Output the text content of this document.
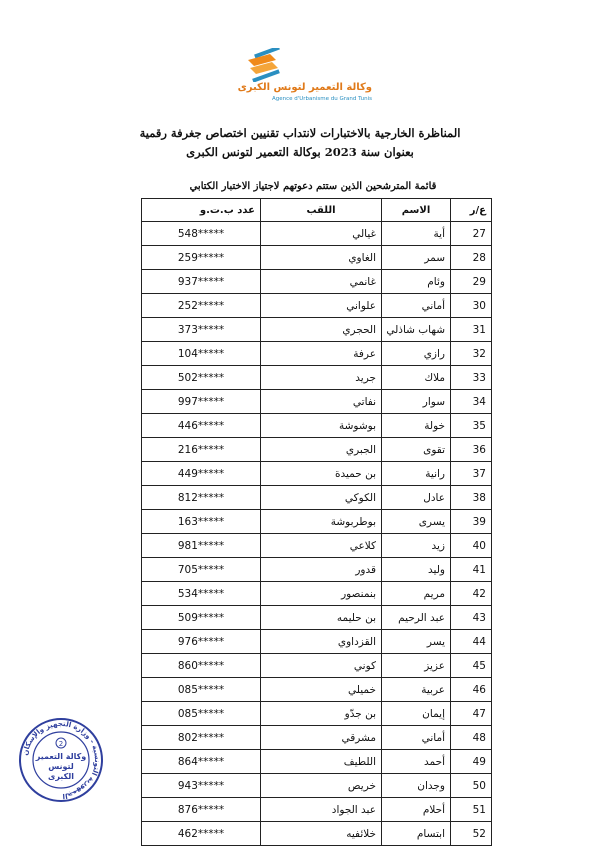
وكالة التعمير لتونس الكبرى
Agence d'Urbanisme du Grand Tunis
المناظرة الخارجية بالاختبارات لانتداب تقنيين اختصاص جغرفة رقمية
بعنوان سنة 2023 بوكالة التعمير لتونس الكبرى
قائمة المترشحين الذين ستتم دعوتهم لاجتياز الاختبار الكتابي
ع/ر	الاسم	اللقب	عدد ب.ت.و
27	أية	غيالي	548*****
28	سمر	الغاوي	259*****
29	وئام	غانمي	937*****
30	أماني	علواني	252*****
31	شهاب شاذلي	الحجري	373*****
32	رازي	عرفة	104*****
33	ملاك	جريد	502*****
34	سوار	نفاتي	997*****
35	خولة	بوشوشة	446*****
36	تقوى	الجبري	216*****
37	رانية	بن حميدة	449*****
38	عادل	الكوكي	812*****
39	يسرى	بوطربوشة	163*****
40	زيد	كلاعي	981*****
41	وليد	قدور	705*****
42	مريم	بنمنصور	534*****
43	عبد الرحيم	بن حليمه	509*****
44	يسر	القزداوي	976*****
45	عزيز	كوني	860*****
46	عربية	خميلي	085*****
47	إيمان	بن جدّو	085*****
48	أماني	مشرقي	802*****
49	أحمد	اللطيف	864*****
50	وجدان	خريص	943*****
51	أحلام	عبد الجواد	876*****
52	ابتسام	خلائفيه	462*****
الجمهورية التونسية - وزارة التجهيز والإسكان
2
وكالة التعمير
لتونس
الكبرى
